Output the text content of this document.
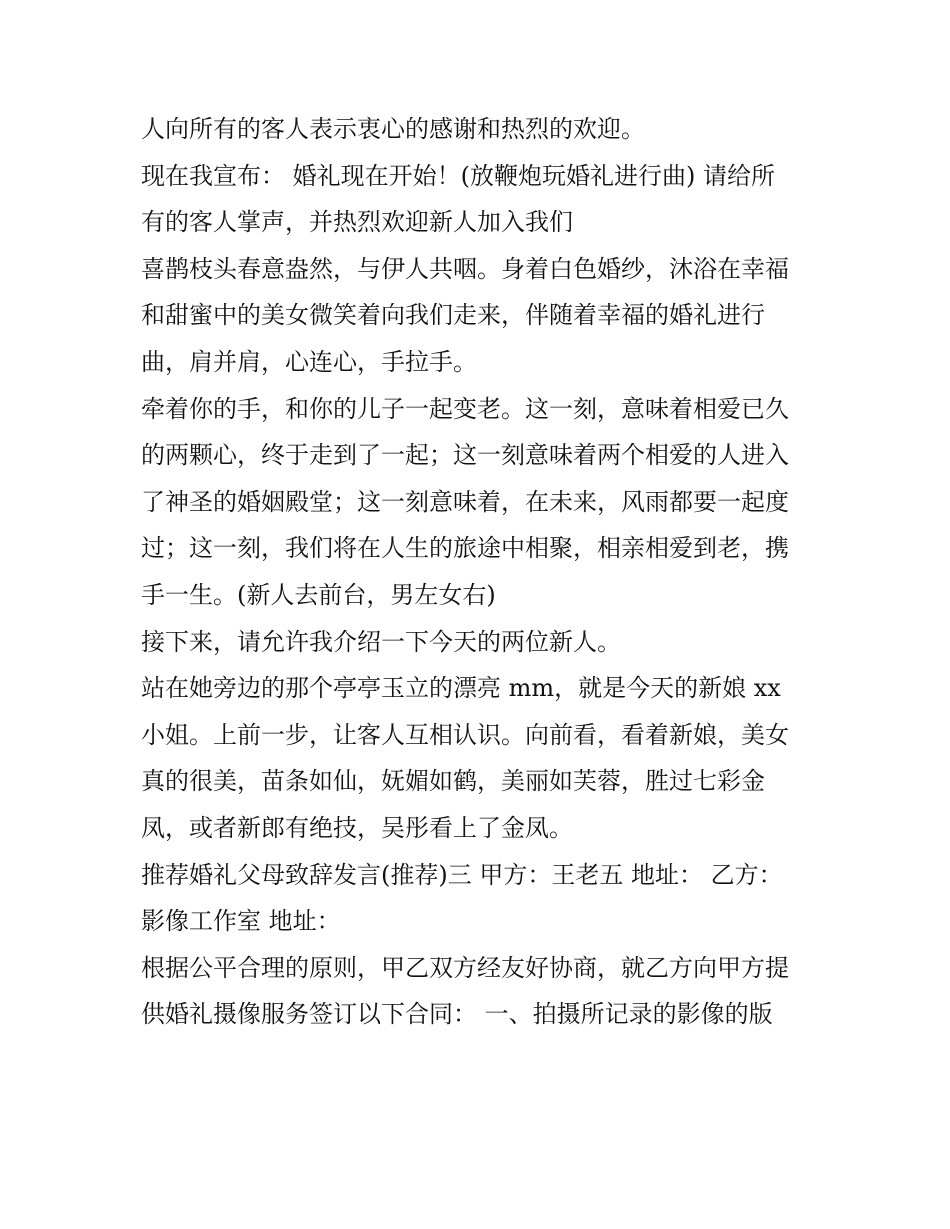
人向所有的客人表示衷心的感谢和热烈的欢迎。
现在我宣布： 婚礼现在开始！(放鞭炮玩婚礼进行曲) 请给所
有的客人掌声，并热烈欢迎新人加入我们
喜鹊枝头春意盎然，与伊人共咽。身着白色婚纱，沐浴在幸福
和甜蜜中的美女微笑着向我们走来，伴随着幸福的婚礼进行
曲，肩并肩，心连心，手拉手。
牵着你的手，和你的儿子一起变老。这一刻，意味着相爱已久
的两颗心，终于走到了一起；这一刻意味着两个相爱的人进入
了神圣的婚姻殿堂；这一刻意味着，在未来，风雨都要一起度
过；这一刻，我们将在人生的旅途中相聚，相亲相爱到老，携
手一生。(新人去前台，男左女右)
接下来，请允许我介绍一下今天的两位新人。
站在她旁边的那个亭亭玉立的漂亮 mm，就是今天的新娘 xx
小姐。上前一步，让客人互相认识。向前看，看着新娘，美女
真的很美，苗条如仙，妩媚如鹤，美丽如芙蓉，胜过七彩金
凤，或者新郎有绝技，吴彤看上了金凤。
推荐婚礼父母致辞发言(推荐)三 甲方：王老五 地址： 乙方：
影像工作室 地址：
根据公平合理的原则，甲乙双方经友好协商，就乙方向甲方提
供婚礼摄像服务签订以下合同： 一、拍摄所记录的影像的版
